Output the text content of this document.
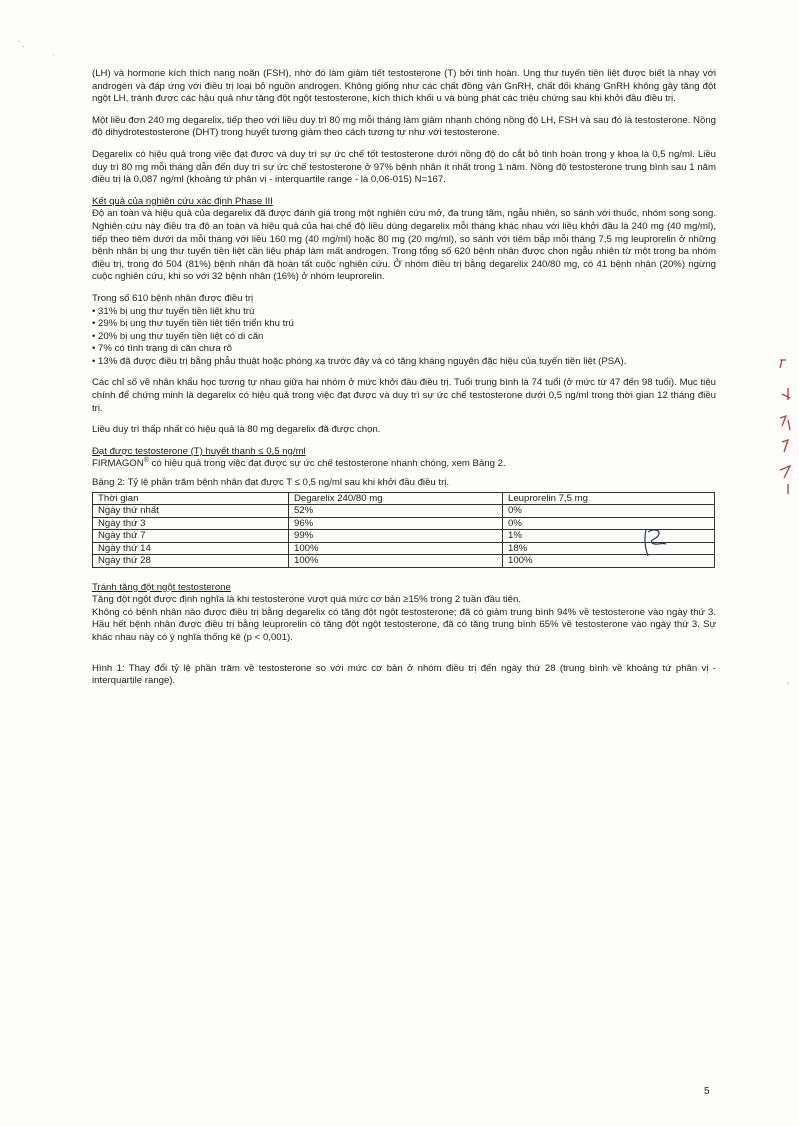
' .
.

(LH) và hormone kích thích nang noãn (FSH), nhờ đó làm giảm tiết testosterone (T) bởi tinh hoàn. Ung thư tuyến tiền liệt được biết là nhạy với androgen và đáp ứng với điều trị loại bỏ nguồn androgen. Không giống như các chất đồng vận GnRH, chất đối kháng GnRH không gây tăng đột ngột LH, tránh được các hậu quả như tăng đột ngột testosterone, kích thích khối u và bùng phát các triệu chứng sau khi khởi đầu điều trị.

Một liều đơn 240 mg degarelix, tiếp theo với liều duy trì 80 mg mỗi tháng làm giảm nhanh chóng nồng độ LH, FSH và sau đó là testosterone. Nồng độ dihydrotestosterone (DHT) trong huyết tương giảm theo cách tương tự như với testosterone.

Degarelix có hiệu quả trong việc đạt được và duy trì sự ức chế tốt testosterone dưới nồng độ do cắt bỏ tinh hoàn trong y khoa là 0,5 ng/ml. Liều duy trì 80 mg mỗi tháng dẫn đến duy trì sự ức chế testosterone ở 97% bệnh nhân ít nhất trong 1 năm. Nồng độ testosterone trung bình sau 1 năm điều trị là 0,087 ng/ml (khoảng tứ phân vị - interquartile range - là 0,06-015) N=167.

Kết quả của nghiên cứu xác định Phase III

Độ an toàn và hiệu quả của degarelix đã được đánh giá trong một nghiên cứu mở, đa trung tâm, ngẫu nhiên, so sánh với thuốc, nhóm song song. Nghiên cứu này điều tra độ an toàn và hiệu quả của hai chế độ liều dùng degarelix mỗi tháng khác nhau với liều khởi đầu là 240 mg (40 mg/ml), tiếp theo tiêm dưới da mỗi tháng với liều 160 mg (40 mg/ml) hoặc 80 mg (20 mg/ml), so sánh với tiêm bắp mỗi tháng 7,5 mg leuprorelin ở những bệnh nhân bị ung thư tuyến tiền liệt cần liệu pháp làm mất androgen. Trong tổng số 620 bệnh nhân được chọn ngẫu nhiên từ một trong ba nhóm điều trị, trong đó 504 (81%) bệnh nhân đã hoàn tất cuộc nghiên cứu. Ở nhóm điều trị bằng degarelix 240/80 mg, có 41 bệnh nhân (20%) ngừng cuộc nghiên cứu, khi so với 32 bệnh nhân (16%) ở nhóm leuprorelin.

Trong số 610 bệnh nhân được điều trị

• 31% bị ung thư tuyến tiền liệt khu trú
• 29% bị ung thư tuyến tiền liệt tiến triển khu trú
• 20% bị ung thư tuyến tiền liệt có di căn
• 7% có tình trạng di căn chưa rõ
• 13% đã được điều trị bằng phẫu thuật hoặc phóng xạ trước đây và có tăng kháng nguyên đặc hiệu của tuyến tiền liệt (PSA).

Các chỉ số về nhân khẩu học tương tự nhau giữa hai nhóm ở mức khởi đầu điều trị. Tuổi trung bình là 74 tuổi (ở mức từ 47 đến 98 tuổi). Mục tiêu chính để chứng minh là degarelix có hiệu quả trong việc đạt được và duy trì sự ức chế testosterone dưới 0,5 ng/ml trong thời gian 12 tháng điều trị.

Liều duy trì thấp nhất có hiệu quả là 80 mg degarelix đã được chọn.

Đạt được testosterone (T) huyết thanh ≤ 0,5 ng/ml

FIRMAGON® có hiệu quả trong việc đạt được sự ức chế testosterone nhanh chóng, xem Bảng 2.

Bảng 2: Tỷ lệ phần trăm bệnh nhân đạt được T ≤ 0,5 ng/ml sau khi khởi đầu điều trị.

Thời gian	Degarelix 240/80 mg	Leuprorelin 7,5 mg
Ngày thứ nhất	52%	0%
Ngày thứ 3	96%	0%
Ngày thứ 7	99%	1%
Ngày thứ 14	100%	18%
Ngày thứ 28	100%	100%

Tránh tăng đột ngột testosterone

Tăng đột ngột được định nghĩa là khi testosterone vượt quá mức cơ bản ≥15% trong 2 tuần đầu tiên.

Không có bệnh nhân nào được điều trị bằng degarelix có tăng đột ngột testosterone; đã có giảm trung bình 94% về testosterone vào ngày thứ 3. Hầu hết bệnh nhân được điều trị bằng leuprorelin có tăng đột ngột testosterone, đã có tăng trung bình 65% về testosterone vào ngày thứ 3. Sự khác nhau này có ý nghĩa thống kê (p < 0,001).

Hình 1: Thay đổi tỷ lệ phần trăm về testosterone so với mức cơ bản ở nhóm điều trị đến ngày thứ 28 (trung bình về khoảng tứ phân vị - interquartile range).	'
5
